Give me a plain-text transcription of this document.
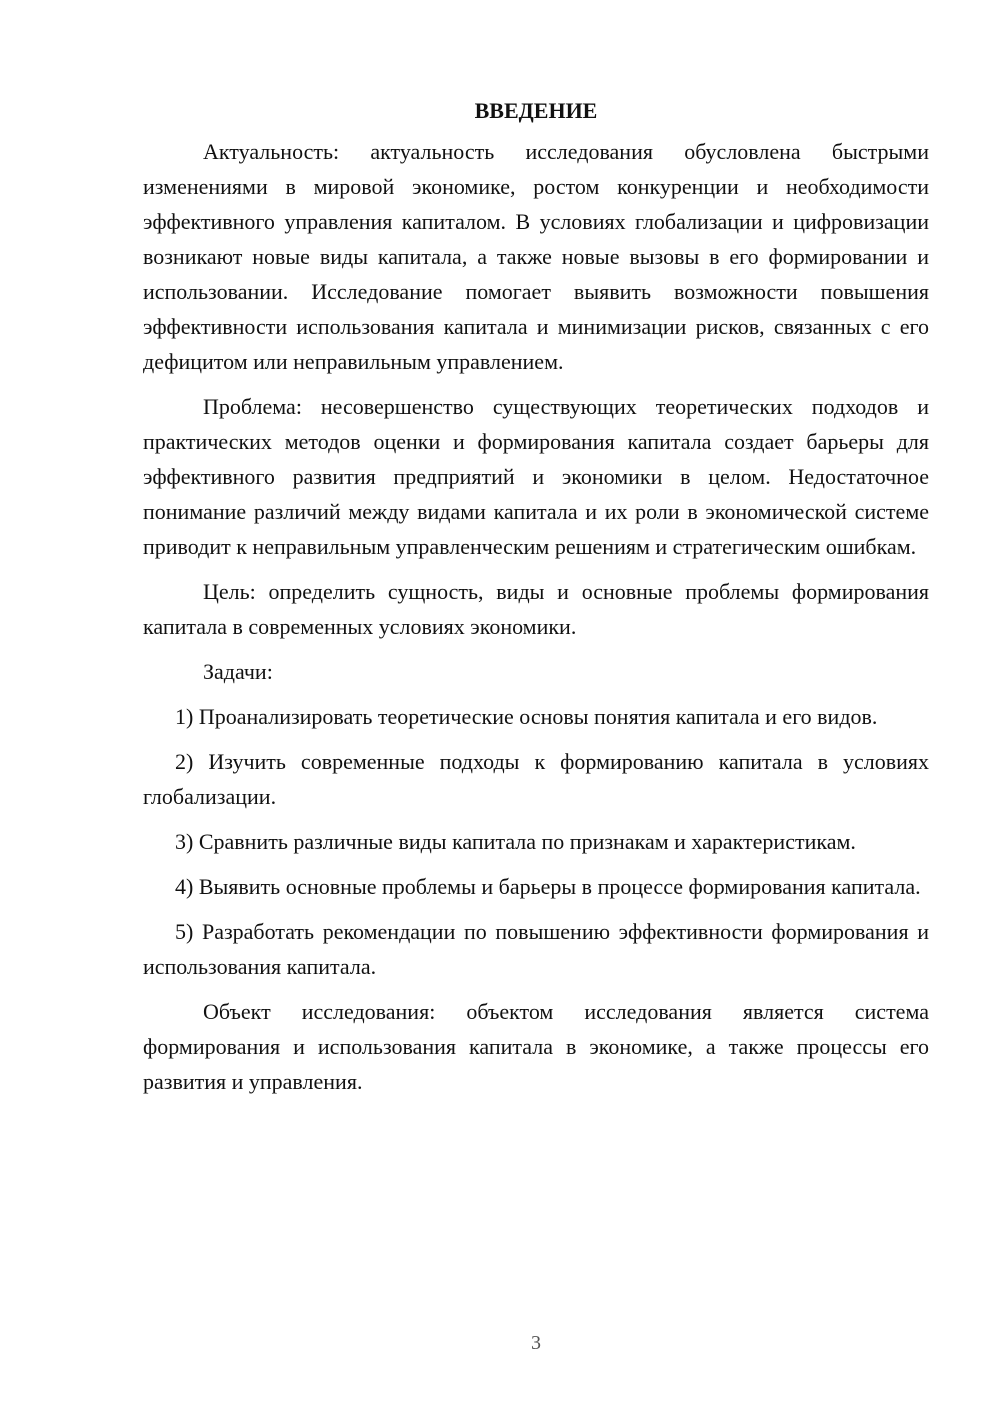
ВВЕДЕНИЕ

Актуальность: актуальность исследования обусловлена быстрыми изменениями в мировой экономике, ростом конкуренции и необходимости эффективного управления капиталом. В условиях глобализации и цифровизации возникают новые виды капитала, а также новые вызовы в его формировании и использовании. Исследование помогает выявить возможности повышения эффективности использования капитала и минимизации рисков, связанных с его дефицитом или неправильным управлением.

Проблема: несовершенство существующих теоретических подходов и практических методов оценки и формирования капитала создает барьеры для эффективного развития предприятий и экономики в целом. Недостаточное понимание различий между видами капитала и их роли в экономической системе приводит к неправильным управленческим решениям и стратегическим ошибкам.

Цель: определить сущность, виды и основные проблемы формирования капитала в современных условиях экономики.

Задачи:

1) Проанализировать теоретические основы понятия капитала и его видов.

2) Изучить современные подходы к формированию капитала в условиях глобализации.

3) Сравнить различные виды капитала по признакам и характеристикам.

4) Выявить основные проблемы и барьеры в процессе формирования капитала.

5) Разработать рекомендации по повышению эффективности формирования и использования капитала.

Объект исследования: объектом исследования является система формирования и использования капитала в экономике, а также процессы его развития и управления.

3
